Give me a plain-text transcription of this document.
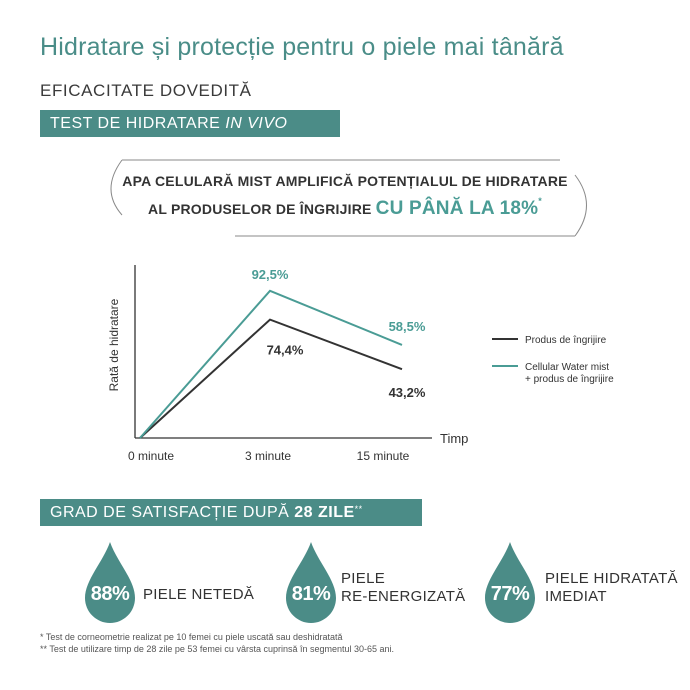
Hidratare și protecție pentru o piele mai tânără
EFICACITATE DOVEDITĂ
TEST DE HIDRATARE IN VIVO
APA CELULARĂ MIST AMPLIFICĂ POTENȚIALUL DE HIDRATARE
AL PRODUSELOR DE ÎNGRIJIRE CU PÂNĂ LA 18%*
Rată de hidratare
Timp
0 minute	3 minute	15 minute
92,5%
58,5%
74,4%
43,2%
Produs de îngrijire
Cellular Water mist + produs de îngrijire
GRAD DE SATISFACȚIE DUPĂ 28 ZILE**
88% PIELE NETEDĂ	81%
PIELE
RE-ENERGIZATĂ	77%
PIELE HIDRATATĂ
IMEDIAT
* Test de corneometrie realizat pe 10 femei cu piele uscată sau deshidratată
** Test de utilizare timp de 28 zile pe 53 femei cu vârsta cuprinsă în segmentul 30-65 ani.
